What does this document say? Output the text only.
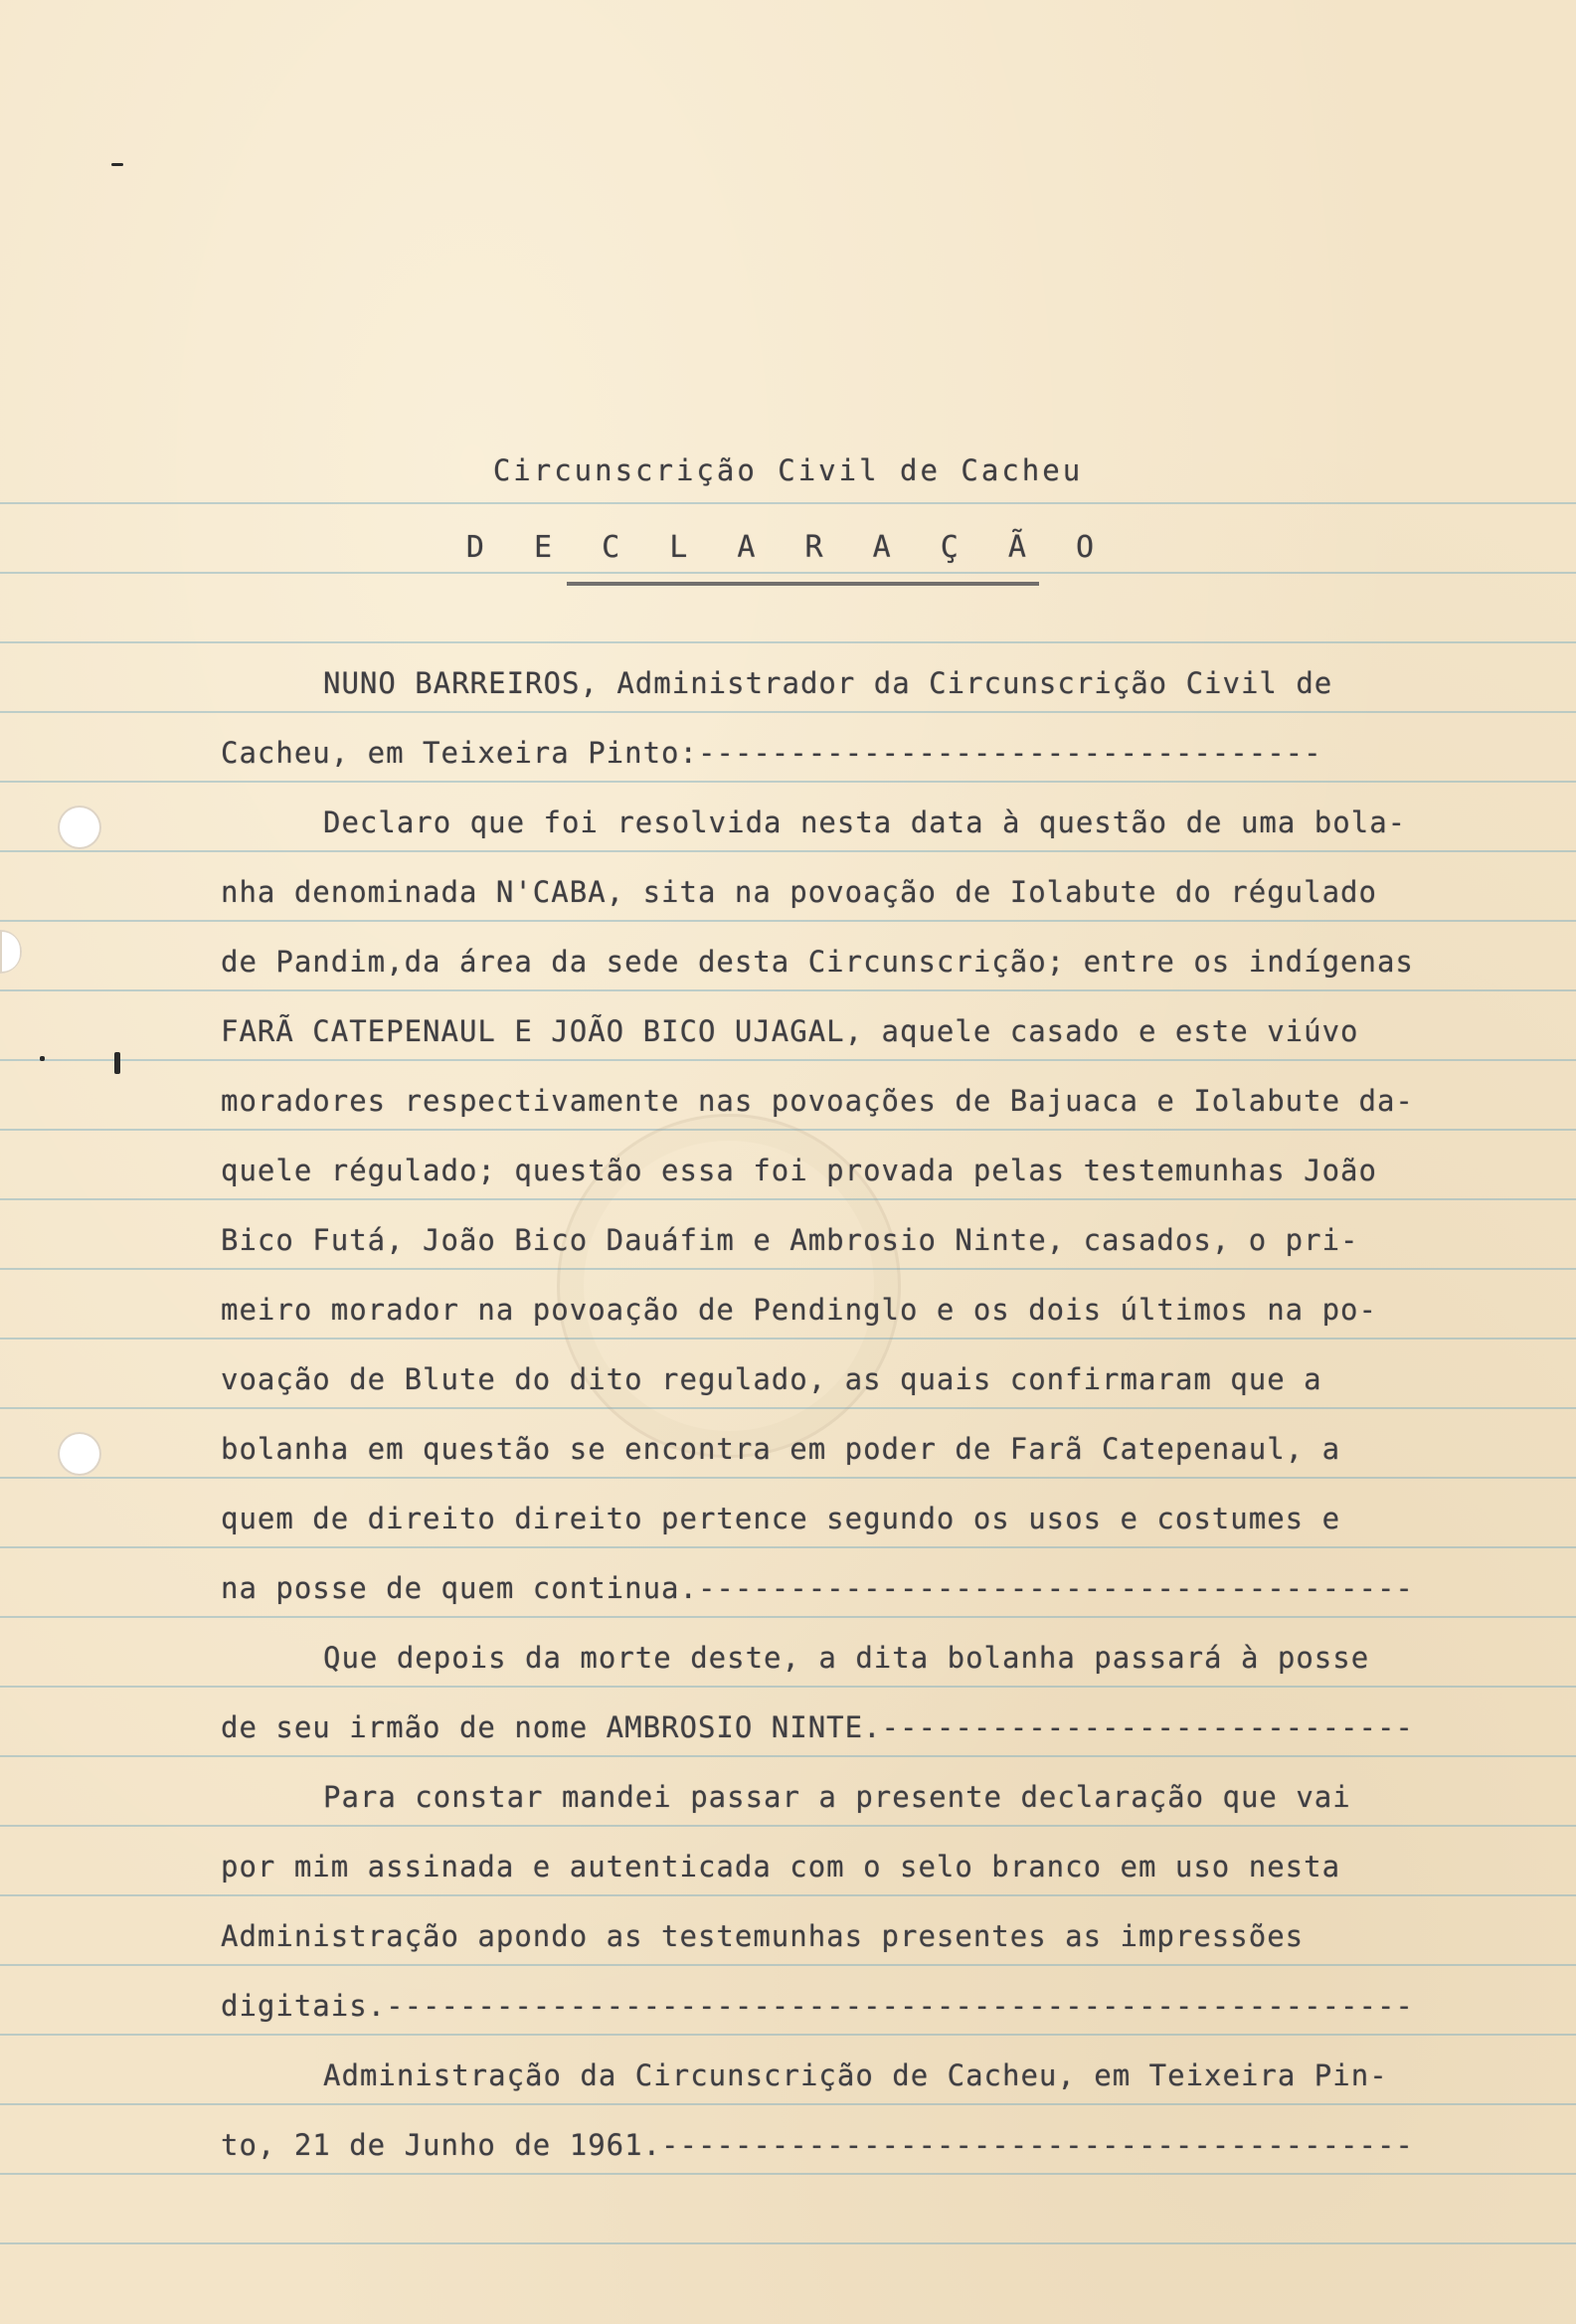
Circunscrição Civil de Cacheu
D E C L A R A Ç Ã O
NUNO BARREIROS, Administrador da Circunscrição Civil de
Cacheu, em Teixeira Pinto:----------------------------------
Declaro que foi resolvida nesta data à questão de uma bola-
nha denominada N'CABA, sita na povoação de Iolabute do régulado
de Pandim,da área da sede desta Circunscrição; entre os indígenas
FARÃ CATEPENAUL E JOÃO BICO UJAGAL, aquele casado e este viúvo
moradores respectivamente nas povoações de Bajuaca e Iolabute da-
quele régulado; questão essa foi provada pelas testemunhas João
Bico Futá, João Bico Dauáfim e Ambrosio Ninte, casados, o pri-
meiro morador na povoação de Pendinglo e os dois últimos na po-
voação de Blute do dito regulado, as quais confirmaram que a
bolanha em questão se encontra em poder de Farã Catepenaul, a
quem de direito direito pertence segundo os usos e costumes e
na posse de quem continua.---------------------------------------
Que depois da morte deste, a dita bolanha passará à posse
de seu irmão de nome AMBROSIO NINTE.-----------------------------
Para constar mandei passar a presente declaração que vai
por mim assinada e autenticada com o selo branco em uso nesta
Administração apondo as testemunhas presentes as impressões
digitais.--------------------------------------------------------
Administração da Circunscrição de Cacheu, em Teixeira Pin-
to, 21 de Junho de 1961.-----------------------------------------
